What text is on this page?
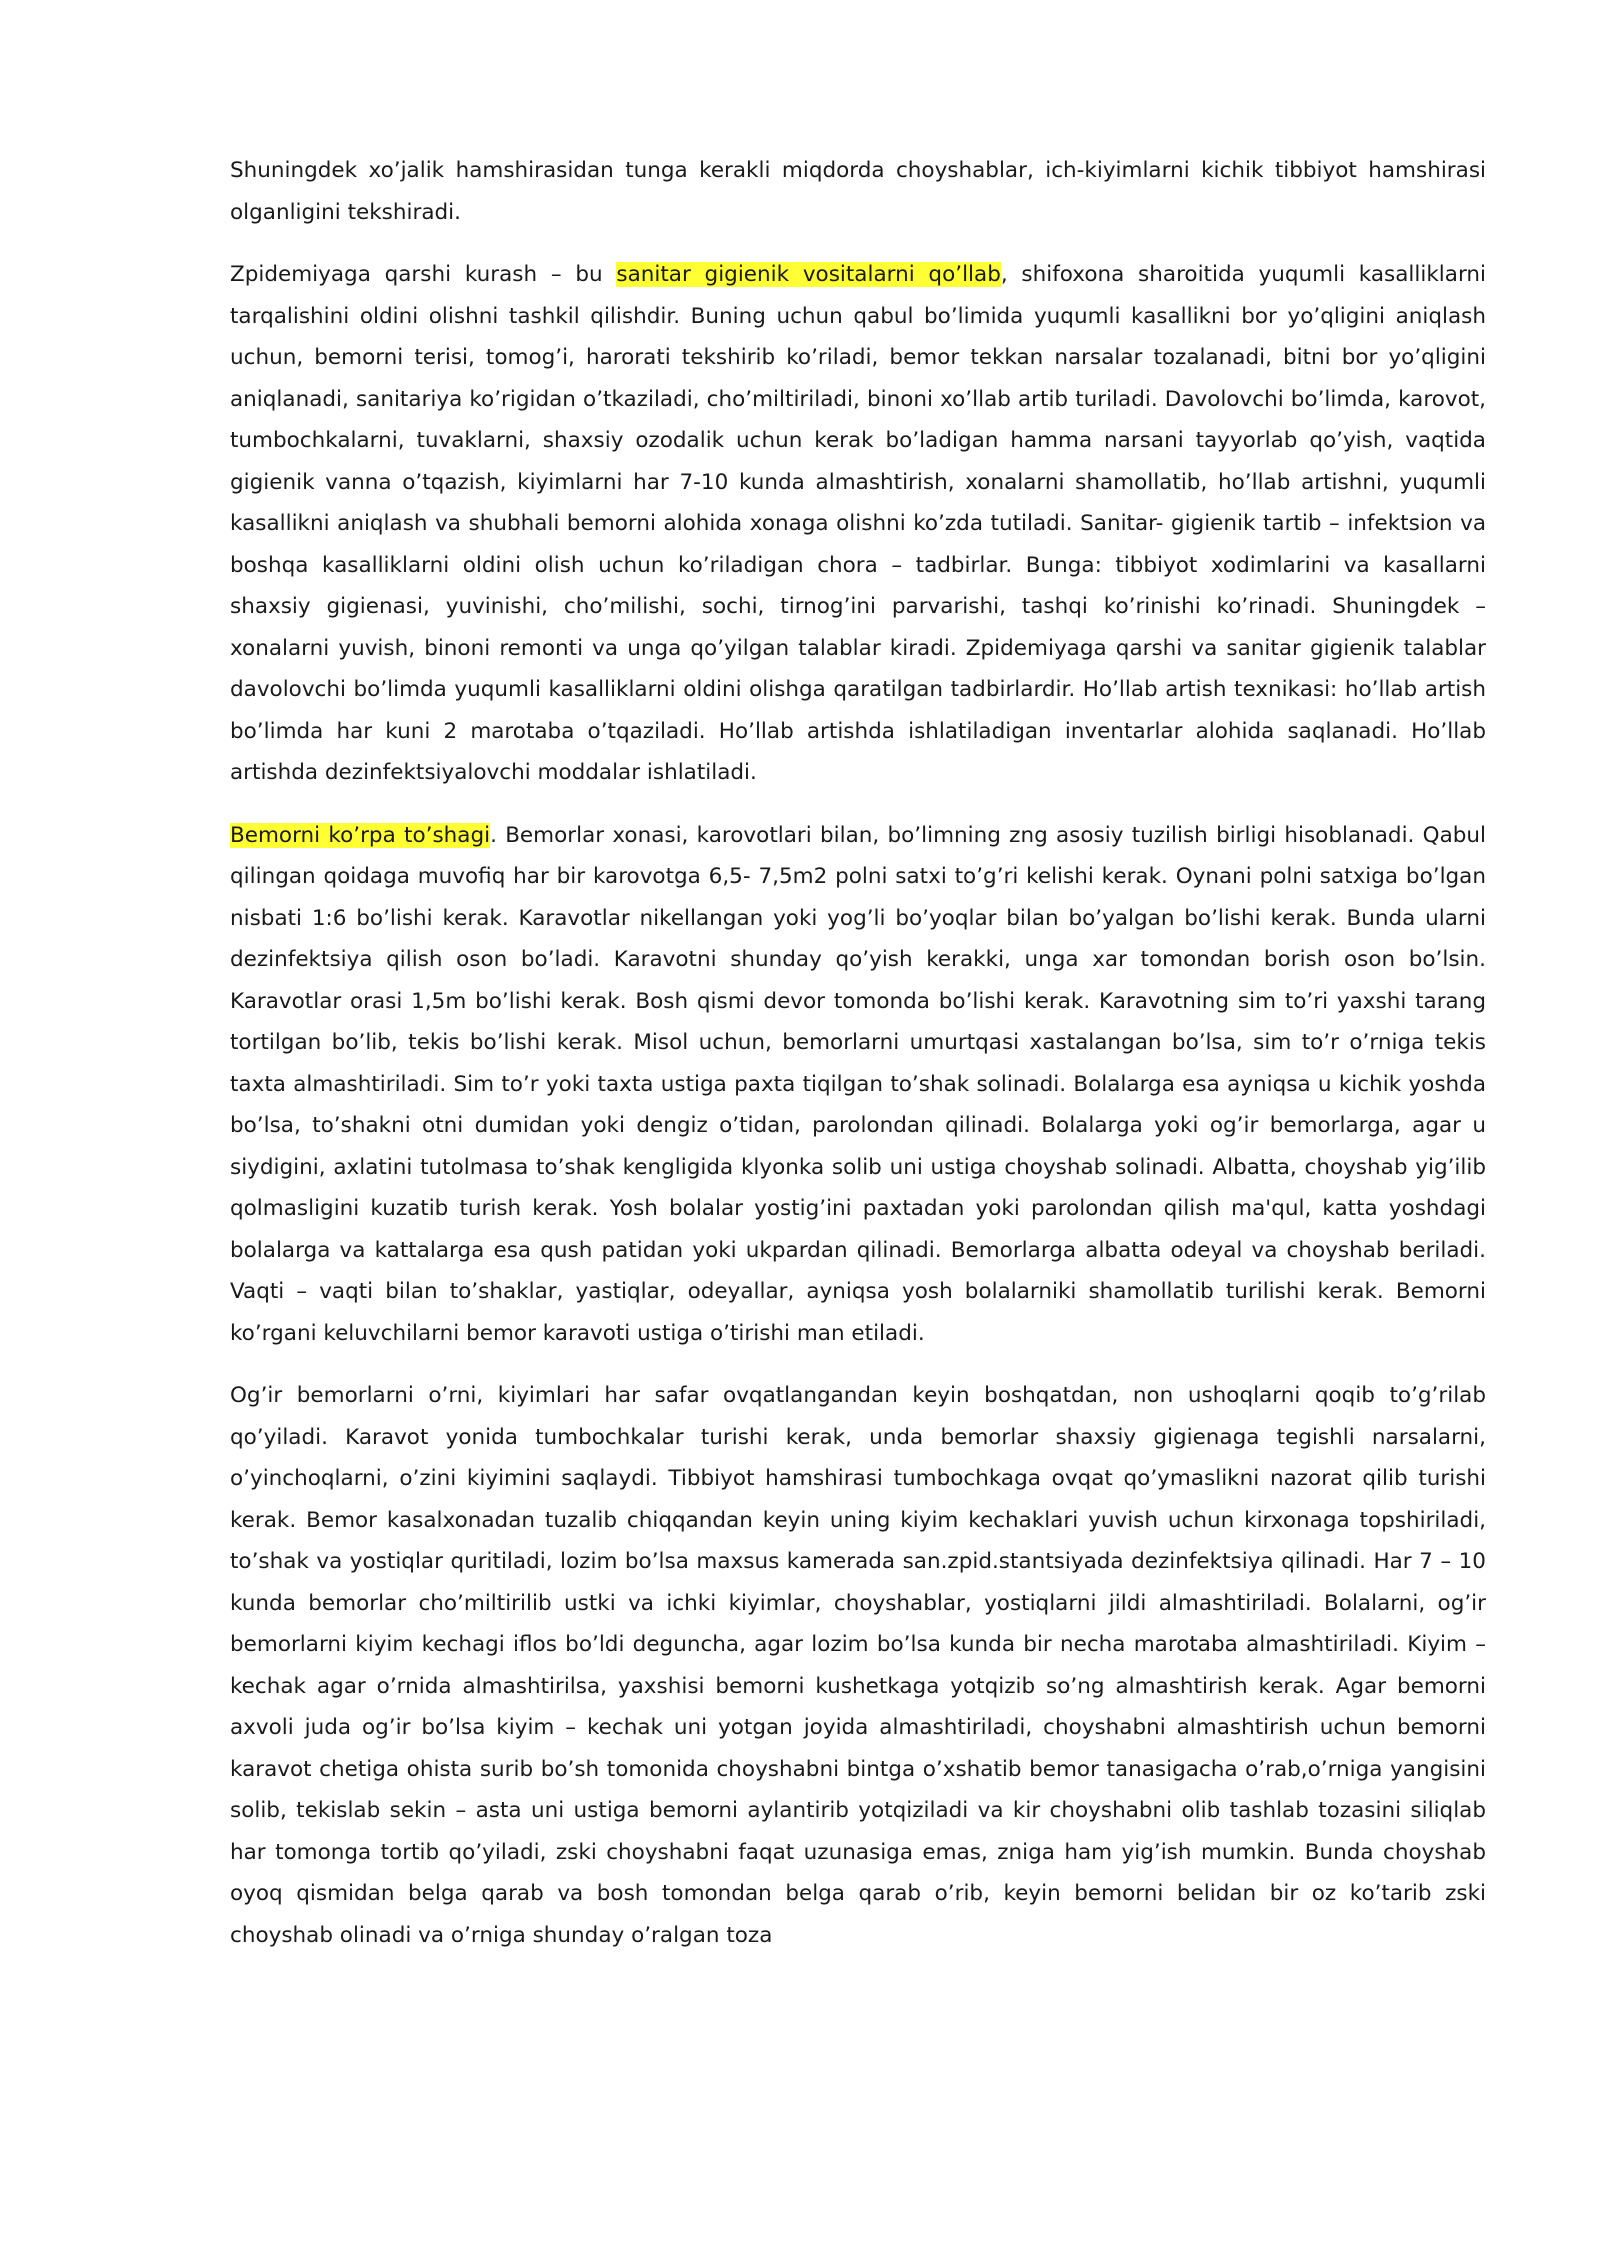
Shuningdek xo’jalik hamshirasidan tunga kerakli miqdorda choyshablar, ich-kiyimlarni kichik tibbiyot hamshirasi olganligini tekshiradi.

Zpidemiyaga qarshi kurash – bu sanitar gigienik vositalarni qo’llab, shifoxona sharoitida yuqumli kasalliklarni tarqalishini oldini olishni tashkil qilishdir. Buning uchun qabul bo’limida yuqumli kasallikni bor yo’qligini aniqlash uchun, bemorni terisi, tomog’i, harorati tekshirib ko’riladi, bemor tekkan narsalar tozalanadi, bitni bor yo’qligini aniqlanadi, sanitariya ko’rigidan o’tkaziladi, cho’miltiriladi, binoni xo’llab artib turiladi. Davolovchi bo’limda, karovot, tumbochkalarni, tuvaklarni, shaxsiy ozodalik uchun kerak bo’ladigan hamma narsani tayyorlab qo’yish, vaqtida gigienik vanna o’tqazish, kiyimlarni har 7-10 kunda almashtirish, xonalarni shamollatib, ho’llab artishni, yuqumli kasallikni aniqlash va shubhali bemorni alohida xonaga olishni ko’zda tutiladi. Sanitar- gigienik tartib – infektsion va boshqa kasalliklarni oldini olish uchun ko’riladigan chora – tadbirlar. Bunga: tibbiyot xodimlarini va kasallarni shaxsiy gigienasi, yuvinishi, cho’milishi, sochi, tirnog’ini parvarishi, tashqi ko’rinishi ko’rinadi. Shuningdek – xonalarni yuvish, binoni remonti va unga qo’yilgan talablar kiradi. Zpidemiyaga qarshi va sanitar gigienik talablar davolovchi bo’limda yuqumli kasalliklarni oldini olishga qaratilgan tadbirlardir. Ho’llab artish texnikasi: ho’llab artish bo’limda har kuni 2 marotaba o’tqaziladi. Ho’llab artishda ishlatiladigan inventarlar alohida saqlanadi. Ho’llab artishda dezinfektsiyalovchi moddalar ishlatiladi.

Bemorni ko’rpa to’shagi. Bemorlar xonasi, karovotlari bilan, bo’limning zng asosiy tuzilish birligi hisoblanadi. Qabul qilingan qoidaga muvofiq har bir karovotga 6,5- 7,5m2 polni satxi to’g’ri kelishi kerak. Oynani polni satxiga bo’lgan nisbati 1:6 bo’lishi kerak. Karavotlar nikellangan yoki yog’li bo’yoqlar bilan bo’yalgan bo’lishi kerak. Bunda ularni dezinfektsiya qilish oson bo’ladi. Karavotni shunday qo’yish kerakki, unga xar tomondan borish oson bo’lsin. Karavotlar orasi 1,5m bo’lishi kerak. Bosh qismi devor tomonda bo’lishi kerak. Karavotning sim to’ri yaxshi tarang tortilgan bo’lib, tekis bo’lishi kerak. Misol uchun, bemorlarni umurtqasi xastalangan bo’lsa, sim to’r o’rniga tekis taxta almashtiriladi. Sim to’r yoki taxta ustiga paxta tiqilgan to’shak solinadi. Bolalarga esa ayniqsa u kichik yoshda bo’lsa, to’shakni otni dumidan yoki dengiz o’tidan, parolondan qilinadi. Bolalarga yoki og’ir bemorlarga, agar u siydigini, axlatini tutolmasa to’shak kengligida klyonka solib uni ustiga choyshab solinadi. Albatta, choyshab yig’ilib qolmasligini kuzatib turish kerak. Yosh bolalar yostig’ini paxtadan yoki parolondan qilish ma'qul, katta yoshdagi bolalarga va kattalarga esa qush patidan yoki ukpardan qilinadi. Bemorlarga albatta odeyal va choyshab beriladi. Vaqti – vaqti bilan to’shaklar, yastiqlar, odeyallar, ayniqsa yosh bolalarniki shamollatib turilishi kerak. Bemorni ko’rgani keluvchilarni bemor karavoti ustiga o’tirishi man etiladi.

Og’ir bemorlarni o’rni, kiyimlari har safar ovqatlangandan keyin boshqatdan, non ushoqlarni qoqib to’g’rilab qo’yiladi. Karavot yonida tumbochkalar turishi kerak, unda bemorlar shaxsiy gigienaga tegishli narsalarni, o’yinchoqlarni, o’zini kiyimini saqlaydi. Tibbiyot hamshirasi tumbochkaga ovqat qo’ymaslikni nazorat qilib turishi kerak. Bemor kasalxonadan tuzalib chiqqandan keyin uning kiyim kechaklari yuvish uchun kirxonaga topshiriladi, to’shak va yostiqlar quritiladi, lozim bo’lsa maxsus kamerada san.zpid.stantsiyada dezinfektsiya qilinadi. Har 7 – 10 kunda bemorlar cho’miltirilib ustki va ichki kiyimlar, choyshablar, yostiqlarni jildi almashtiriladi. Bolalarni, og’ir bemorlarni kiyim kechagi iflos bo’ldi deguncha, agar lozim bo’lsa kunda bir necha marotaba almashtiriladi. Kiyim – kechak agar o’rnida almashtirilsa, yaxshisi bemorni kushetkaga yotqizib so’ng almashtirish kerak. Agar bemorni axvoli juda og’ir bo’lsa kiyim – kechak uni yotgan joyida almashtiriladi, choyshabni almashtirish uchun bemorni karavot chetiga ohista surib bo’sh tomonida choyshabni bintga o’xshatib bemor tanasigacha o’rab,o’rniga yangisini solib, tekislab sekin – asta uni ustiga bemorni aylantirib yotqiziladi va kir choyshabni olib tashlab tozasini siliqlab har tomonga tortib qo’yiladi, zski choyshabni faqat uzunasiga emas, zniga ham yig’ish mumkin. Bunda choyshab oyoq qismidan belga qarab va bosh tomondan belga qarab o’rib, keyin bemorni belidan bir oz ko’tarib zski choyshab olinadi va o’rniga shunday o’ralgan toza
